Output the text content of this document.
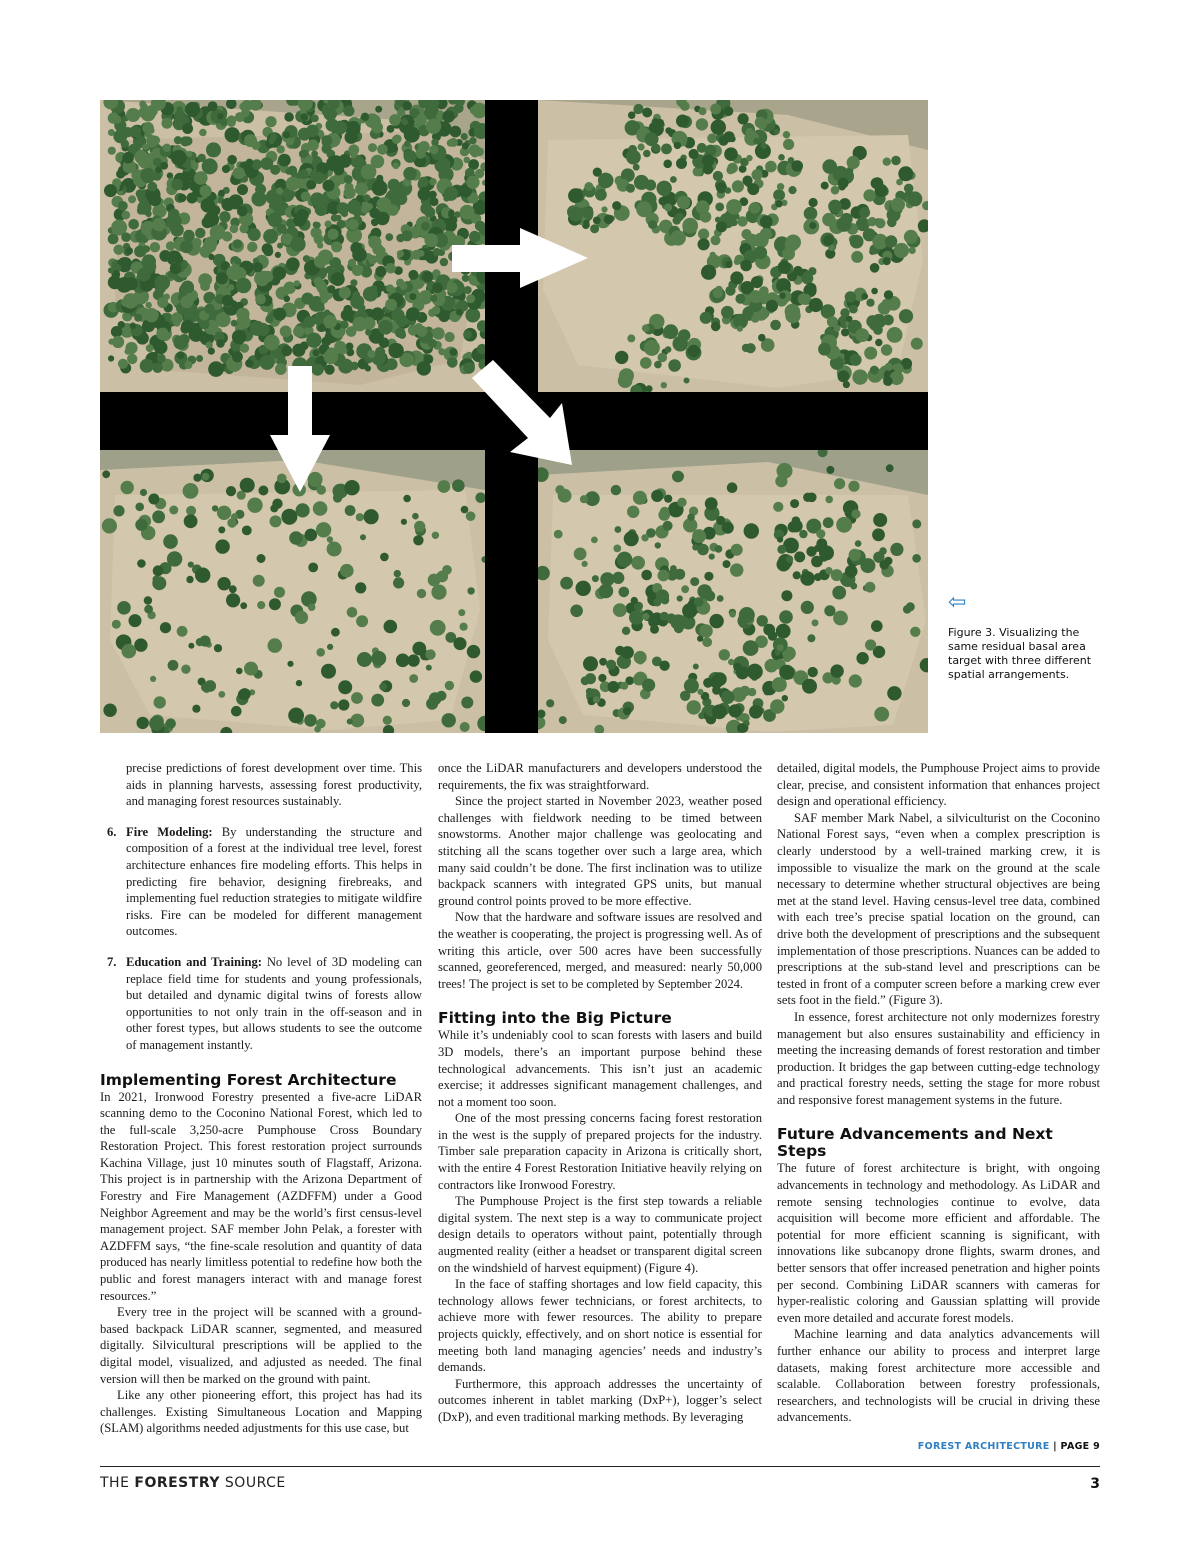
⇦
Figure 3. Visualizing the same residual basal area target with three different spatial arrangements.

precise predictions of forest development over time. This aids in planning harvests, assessing forest productivity, and managing forest resources sustainably.

6. Fire Modeling: By understanding the structure and composition of a forest at the individual tree level, forest architecture enhances fire modeling efforts. This helps in predicting fire behavior, designing firebreaks, and implementing fuel reduction strategies to mitigate wildfire risks. Fire can be modeled for different management outcomes.
7. Education and Training: No level of 3D modeling can replace field time for students and young professionals, but detailed and dynamic digital twins of forests allow opportunities to not only train in the off-season and in other forest types, but allows students to see the outcome of management instantly.
Implementing Forest Architecture

In 2021, Ironwood Forestry presented a five-acre LiDAR scanning demo to the Coconino National Forest, which led to the full-scale 3,250-acre Pumphouse Cross Boundary Restoration Project. This forest restoration project surrounds Kachina Village, just 10 minutes south of Flagstaff, Arizona. This project is in partnership with the Arizona Department of Forestry and Fire Management (AZDFFM) under a Good Neighbor Agreement and may be the world’s first census-level management project. SAF member John Pelak, a forester with AZDFFM says, “the fine-scale resolution and quantity of data produced has nearly limitless potential to redefine how both the public and forest managers interact with and manage forest resources.”

Every tree in the project will be scanned with a ground-based backpack LiDAR scanner, segmented, and measured digitally. Silvicultural prescriptions will be applied to the digital model, visualized, and adjusted as needed. The final version will then be marked on the ground with paint.

Like any other pioneering effort, this project has had its challenges. Existing Simultaneous Location and Mapping (SLAM) algorithms needed adjustments for this use case, but

once the LiDAR manufacturers and developers understood the requirements, the fix was straightforward.

Since the project started in November 2023, weather posed challenges with fieldwork needing to be timed between snowstorms. Another major challenge was geolocating and stitching all the scans together over such a large area, which many said couldn’t be done. The first inclination was to utilize backpack scanners with integrated GPS units, but manual ground control points proved to be more effective.

Now that the hardware and software issues are resolved and the weather is cooperating, the project is progressing well. As of writing this article, over 500 acres have been successfully scanned, georeferenced, merged, and measured: nearly 50,000 trees! The project is set to be completed by September 2024.

Fitting into the Big Picture

While it’s undeniably cool to scan forests with lasers and build 3D models, there’s an important purpose behind these technological advancements. This isn’t just an academic exercise; it addresses significant management challenges, and not a moment too soon.

One of the most pressing concerns facing forest restoration in the west is the supply of prepared projects for the industry. Timber sale preparation capacity in Arizona is critically short, with the entire 4 Forest Restoration Initiative heavily relying on contractors like Ironwood Forestry.

The Pumphouse Project is the first step towards a reliable digital system. The next step is a way to communicate project design details to operators without paint, potentially through augmented reality (either a headset or transparent digital screen on the windshield of harvest equipment) (Figure 4).

In the face of staffing shortages and low field capacity, this technology allows fewer technicians, or forest architects, to achieve more with fewer resources. The ability to prepare projects quickly, effectively, and on short notice is essential for meeting both land managing agencies’ needs and industry’s demands.

Furthermore, this approach addresses the uncertainty of outcomes inherent in tablet marking (DxP+), logger’s select (DxP), and even traditional marking methods. By leveraging

detailed, digital models, the Pumphouse Project aims to provide clear, precise, and consistent information that enhances project design and operational efficiency.

SAF member Mark Nabel, a silviculturist on the Coconino National Forest says, “even when a complex prescription is clearly understood by a well-trained marking crew, it is impossible to visualize the mark on the ground at the scale necessary to determine whether structural objectives are being met at the stand level. Having census-level tree data, combined with each tree’s precise spatial location on the ground, can drive both the development of prescriptions and the subsequent implementation of those prescriptions. Nuances can be added to prescriptions at the sub-stand level and prescriptions can be tested in front of a computer screen before a marking crew ever sets foot in the field.” (Figure 3).

In essence, forest architecture not only modernizes forestry management but also ensures sustainability and efficiency in meeting the increasing demands of forest restoration and timber production. It bridges the gap between cutting-edge technology and practical forestry needs, setting the stage for more robust and responsive forest management systems in the future.

Future Advancements and Next Steps

The future of forest architecture is bright, with ongoing advancements in technology and methodology. As LiDAR and remote sensing technologies continue to evolve, data acquisition will become more efficient and affordable. The potential for more efficient scanning is significant, with innovations like subcanopy drone flights, swarm drones, and better sensors that offer increased penetration and higher points per second. Combining LiDAR scanners with cameras for hyper-realistic coloring and Gaussian splatting will provide even more detailed and accurate forest models.

Machine learning and data analytics advancements will further enhance our ability to process and interpret large datasets, making forest architecture more accessible and scalable. Collaboration between forestry professionals, researchers, and technologists will be crucial in driving these advancements.

FOREST ARCHITECTURE | PAGE 9
THE FORESTRY SOURCE	3
